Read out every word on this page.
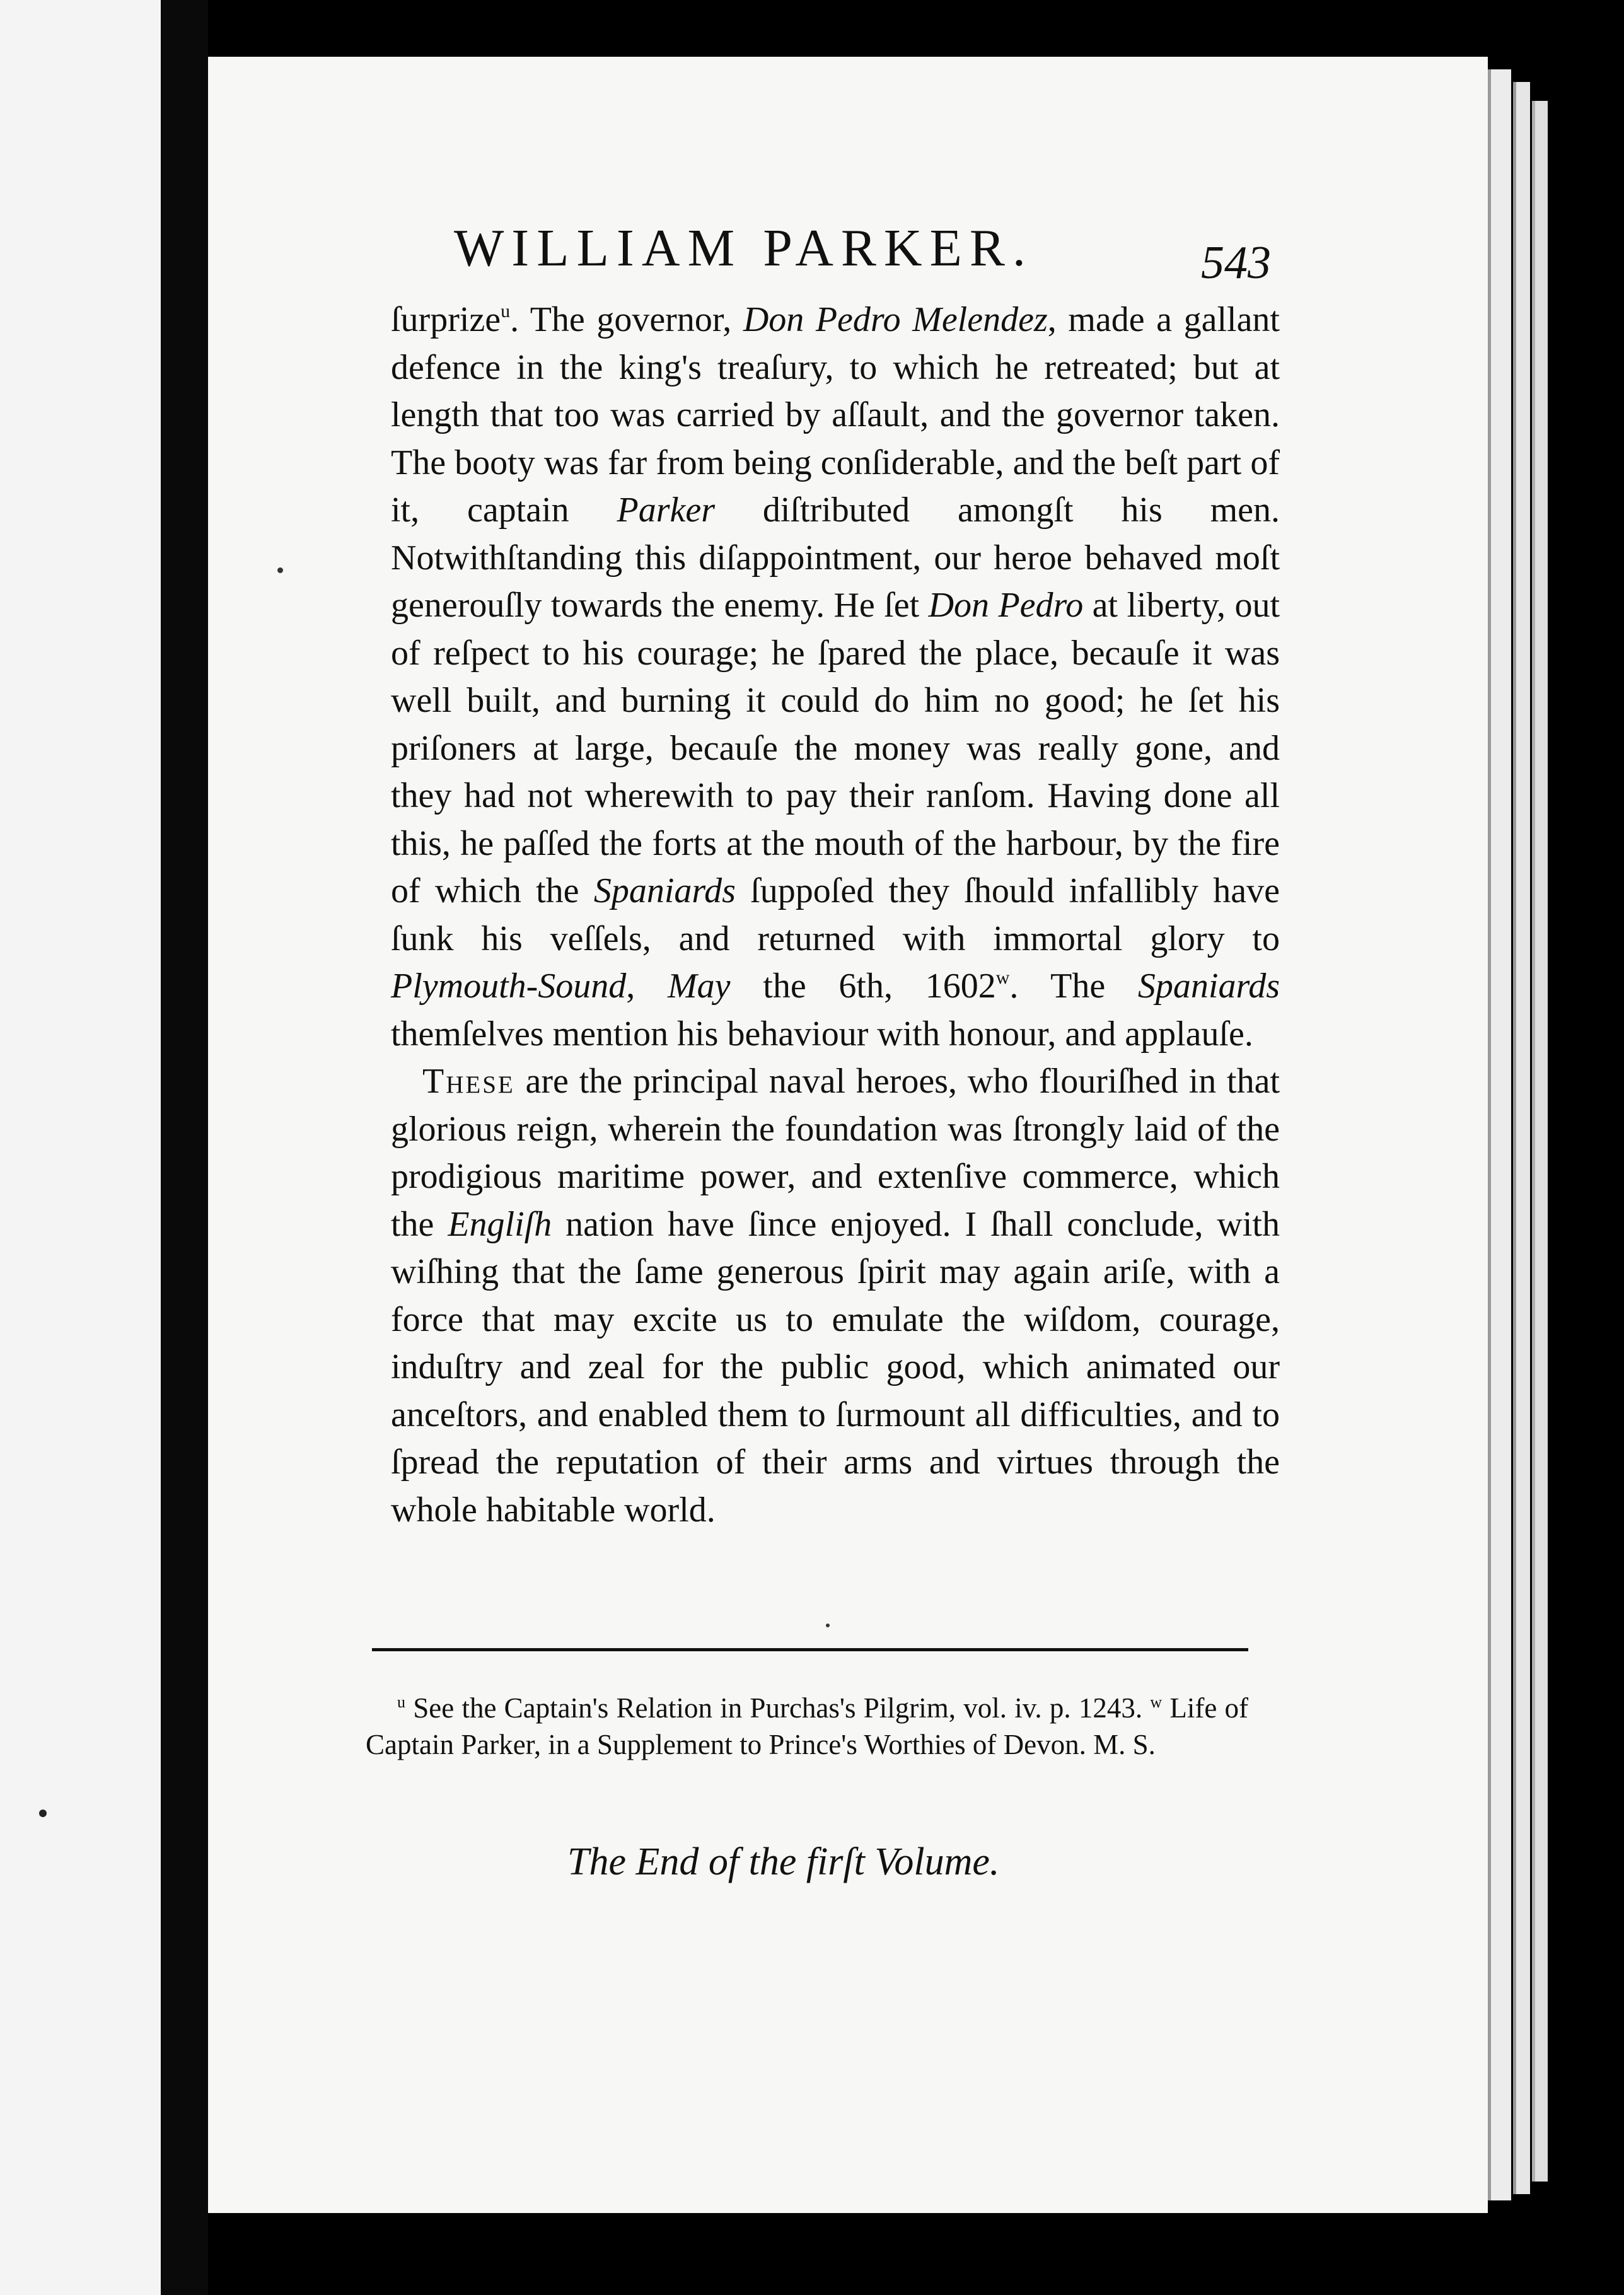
WILLIAM PARKER.	543

ſurprize$^u$. The governor, Don Pedro Melendez, made a gallant defence in the king's treaſury, to which he retreated; but at length that too was carried by aſſault, and the governor taken. The booty was far from being conſiderable, and the beſt part of it, captain Parker diſtributed amongſt his men. Notwithſtanding this diſappointment, our heroe behaved moſt generouſly towards the enemy. He ſet Don Pedro at liberty, out of reſpect to his courage; he ſpared the place, becauſe it was well built, and burning it could do him no good; he ſet his priſoners at large, becauſe the money was really gone, and they had not wherewith to pay their ranſom. Having done all this, he paſſed the forts at the mouth of the harbour, by the fire of which the Spaniards ſuppoſed they ſhould infallibly have ſunk his veſſels, and returned with immortal glory to Plymouth-Sound, May the 6th, 1602$^w$. The Spaniards themſelves mention his behaviour with honour, and applauſe.

These are the principal naval heroes, who flouriſhed in that glorious reign, wherein the foundation was ſtrongly laid of the prodigious maritime power, and extenſive commerce, which the Engliſh nation have ſince enjoyed. I ſhall conclude, with wiſhing that the ſame generous ſpirit may again ariſe, with a force that may excite us to emulate the wiſdom, courage, induſtry and zeal for the public good, which animated our anceſtors, and enabled them to ſurmount all difficulties, and to ſpread the reputation of their arms and virtues through the whole habitable world.

$^u$ See the Captain's Relation in Purchas's Pilgrim, vol. iv. p. 1243. $^w$ Life of Captain Parker, in a Supplement to Prince's Worthies of Devon. M. S.

The End of the firſt Volume.
